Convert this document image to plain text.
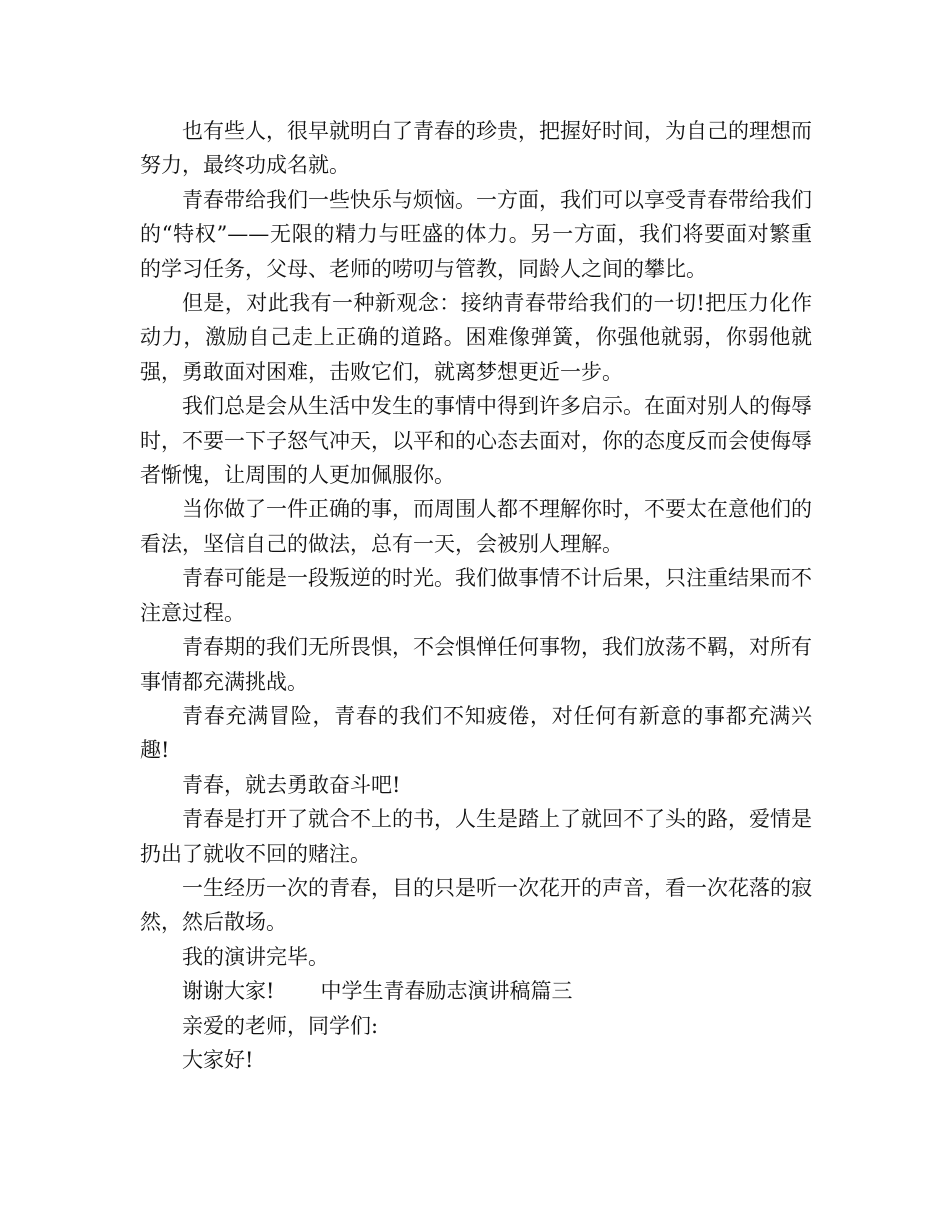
也有些人，很早就明白了青春的珍贵，把握好时间，为自己的理想而努力，最终功成名就。

青春带给我们一些快乐与烦恼。一方面，我们可以享受青春带给我们的“特权”——无限的精力与旺盛的体力。另一方面，我们将要面对繁重的学习任务，父母、老师的唠叨与管教，同龄人之间的攀比。

但是，对此我有一种新观念：接纳青春带给我们的一切!把压力化作动力，激励自己走上正确的道路。困难像弹簧，你强他就弱，你弱他就强，勇敢面对困难，击败它们，就离梦想更近一步。

我们总是会从生活中发生的事情中得到许多启示。在面对别人的侮辱时，不要一下子怒气冲天，以平和的心态去面对，你的态度反而会使侮辱者惭愧，让周围的人更加佩服你。

当你做了一件正确的事，而周围人都不理解你时，不要太在意他们的看法，坚信自己的做法，总有一天，会被别人理解。

青春可能是一段叛逆的时光。我们做事情不计后果，只注重结果而不注意过程。

青春期的我们无所畏惧，不会惧惮任何事物，我们放荡不羁，对所有事情都充满挑战。

青春充满冒险，青春的我们不知疲倦，对任何有新意的事都充满兴趣!

青春，就去勇敢奋斗吧!

青春是打开了就合不上的书，人生是踏上了就回不了头的路，爱情是扔出了就收不回的赌注。

一生经历一次的青春，目的只是听一次花开的声音，看一次花落的寂然，然后散场。

我的演讲完毕。

谢谢大家! 中学生青春励志演讲稿篇三

亲爱的老师，同学们:

大家好!
